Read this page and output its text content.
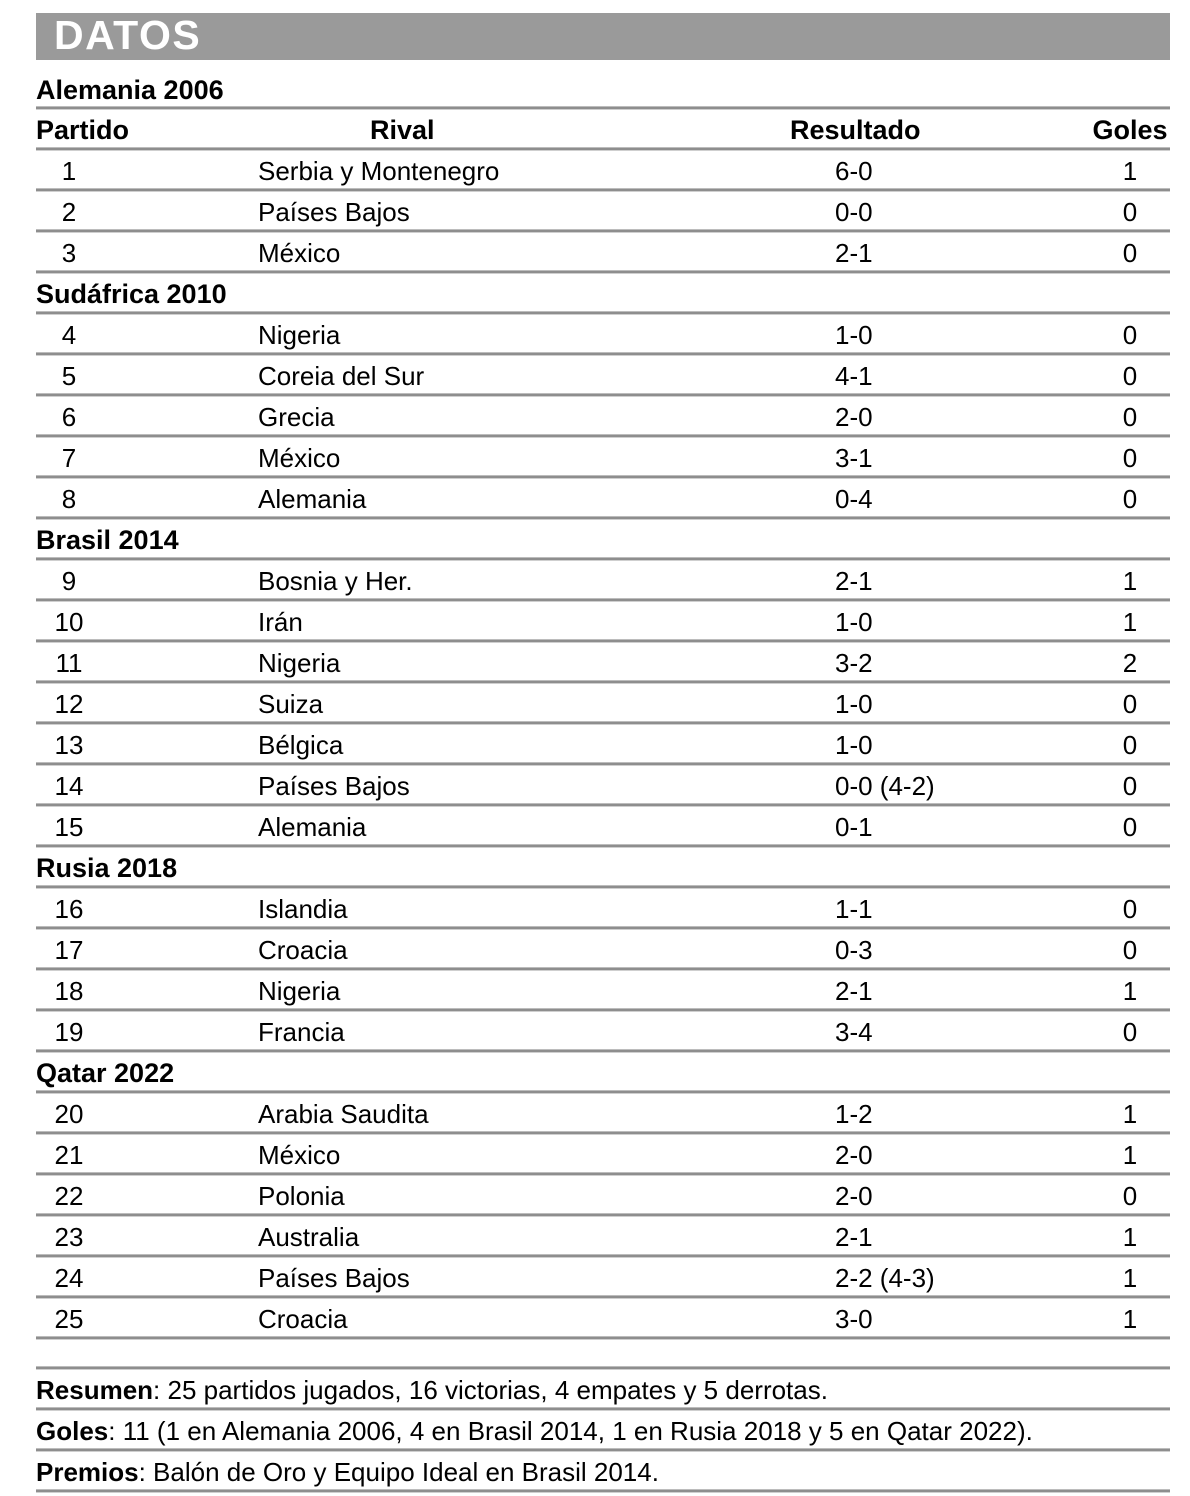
DATOS
Alemania 2006
Partido	Rival	Resultado	Goles
1	Serbia y Montenegro	6-0	1
2	Países Bajos	0-0	0
3	México	2-1	0
Sudáfrica 2010
4	Nigeria	1-0	0
5	Coreia del Sur	4-1	0
6	Grecia	2-0	0
7	México	3-1	0
8	Alemania	0-4	0
Brasil 2014
9	Bosnia y Her.	2-1	1
10	Irán	1-0	1
11	Nigeria	3-2	2
12	Suiza	1-0	0
13	Bélgica	1-0	0
14	Países Bajos	0-0 (4-2)	0
15	Alemania	0-1	0
Rusia 2018
16	Islandia	1-1	0
17	Croacia	0-3	0
18	Nigeria	2-1	1
19	Francia	3-4	0
Qatar 2022
20	Arabia Saudita	1-2	1
21	México	2-0	1
22	Polonia	2-0	0
23	Australia	2-1	1
24	Países Bajos	2-2 (4-3)	1
25	Croacia	3-0	1
Resumen : 25 partidos jugados, 16 victorias, 4 empates y 5 derrotas.
Goles : 11 (1 en Alemania 2006, 4 en Brasil 2014, 1 en Rusia 2018 y 5 en Qatar 2022).
Premios : Balón de Oro y Equipo Ideal en Brasil 2014.
